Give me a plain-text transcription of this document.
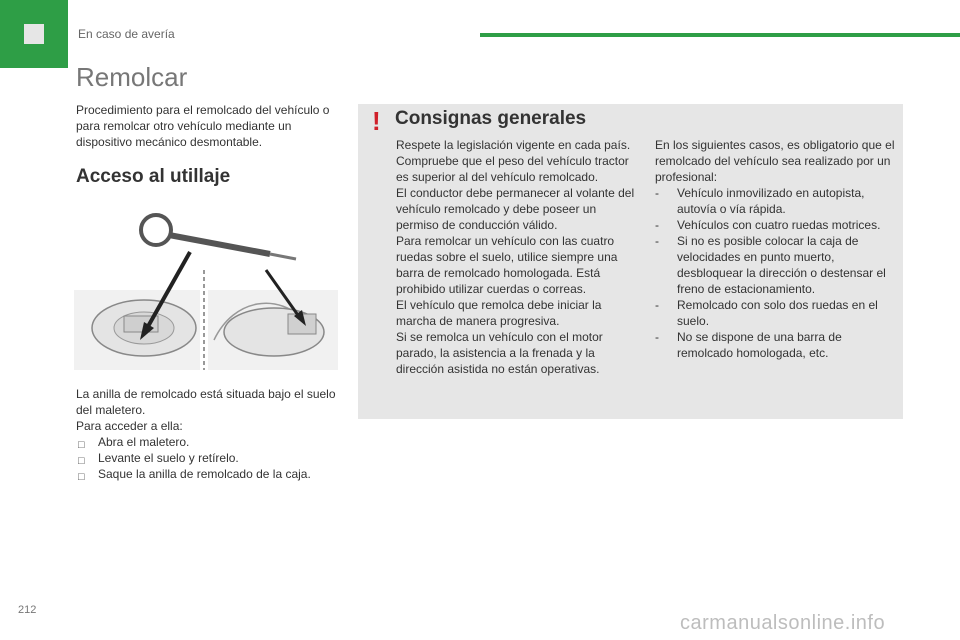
En caso de avería
Remolcar

Procedimiento para el remolcado del vehículo o para remolcar otro vehículo mediante un dispositivo mecánico desmontable.

Acceso al utillaje

La anilla de remolcado está situada bajo el suelo del maletero.

Para acceder a ella:

□ Abra el maletero.
□ Levante el suelo y retírelo.
□ Saque la anilla de remolcado de la caja.
! Consignas generales

Respete la legislación vigente en cada país.

Compruebe que el peso del vehículo tractor es superior al del vehículo remolcado.

El conductor debe permanecer al volante del vehículo remolcado y debe poseer un permiso de conducción válido.

Para remolcar un vehículo con las cuatro ruedas sobre el suelo, utilice siempre una barra de remolcado homologada. Está prohibido utilizar cuerdas o correas.

El vehículo que remolca debe iniciar la marcha de manera progresiva.

Si se remolca un vehículo con el motor parado, la asistencia a la frenada y la dirección asistida no están operativas.

En los siguientes casos, es obligatorio que el remolcado del vehículo sea realizado por un profesional:

- Vehículo inmovilizado en autopista, autovía o vía rápida.
- Vehículos con cuatro ruedas motrices.
- Si no es posible colocar la caja de velocidades en punto muerto, desbloquear la dirección o destensar el freno de estacionamiento.
- Remolcado con solo dos ruedas en el suelo.
- No se dispone de una barra de remolcado homologada, etc.
212
carmanualsonline.info
